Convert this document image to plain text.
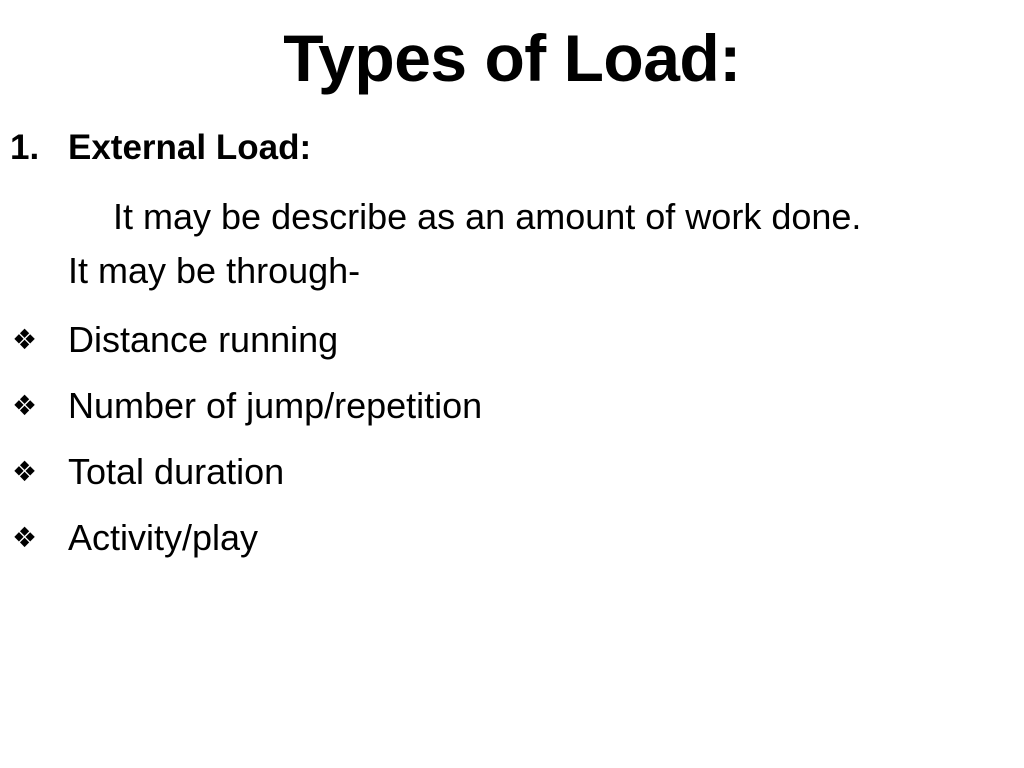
Types of Load:
1. External Load:
It may be describe as an amount of work done.
It may be through-
❖ Distance running
❖ Number of jump/repetition
❖ Total duration
❖ Activity/play
